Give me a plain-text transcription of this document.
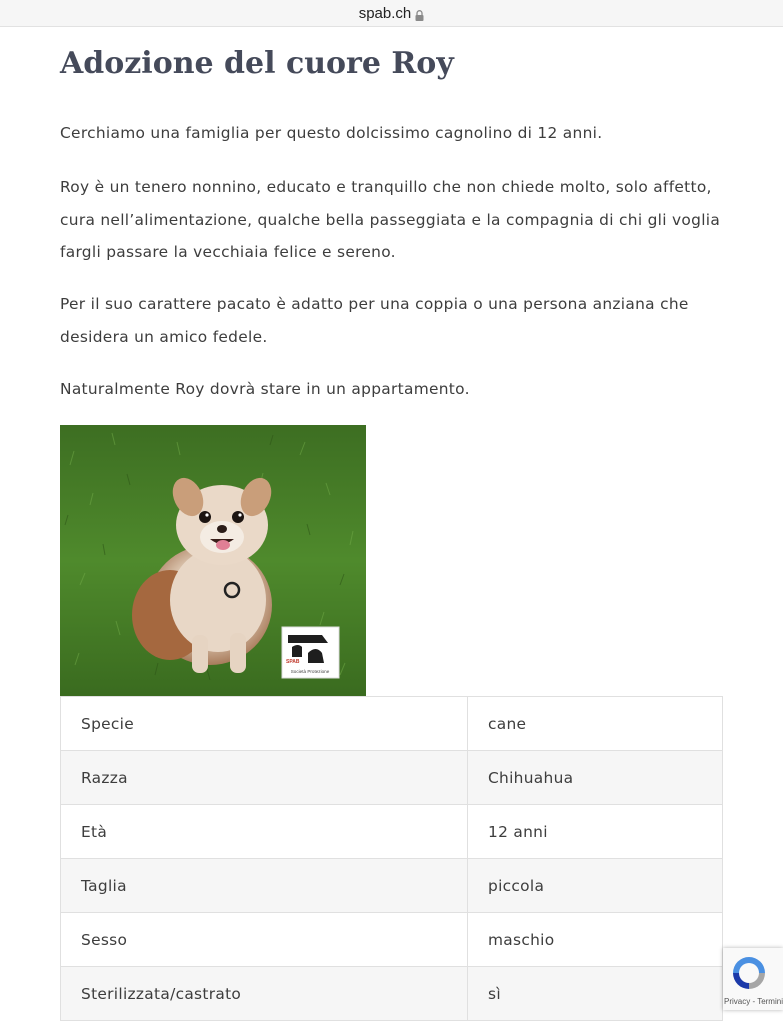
spab.ch
Adozione del cuore Roy

Cerchiamo una famiglia per questo dolcissimo cagnolino di 12 anni.

Roy è un tenero nonnino, educato e tranquillo che non chiede molto, solo affetto, cura nell’alimentazione, qualche bella passeggiata e la compagnia di chi gli voglia fargli passare la vecchiaia felice e sereno.

Per il suo carattere pacato è adatto per una coppia o una persona anziana che desidera un amico fedele.

Naturalmente Roy dovrà stare in un appartamento.

Società Protezione
SPAB
Specie	cane
Razza	Chihuahua
Età	12 anni
Taglia	piccola
Sesso	maschio
Sterilizzata/castrato	sì	Privacy - Termini
